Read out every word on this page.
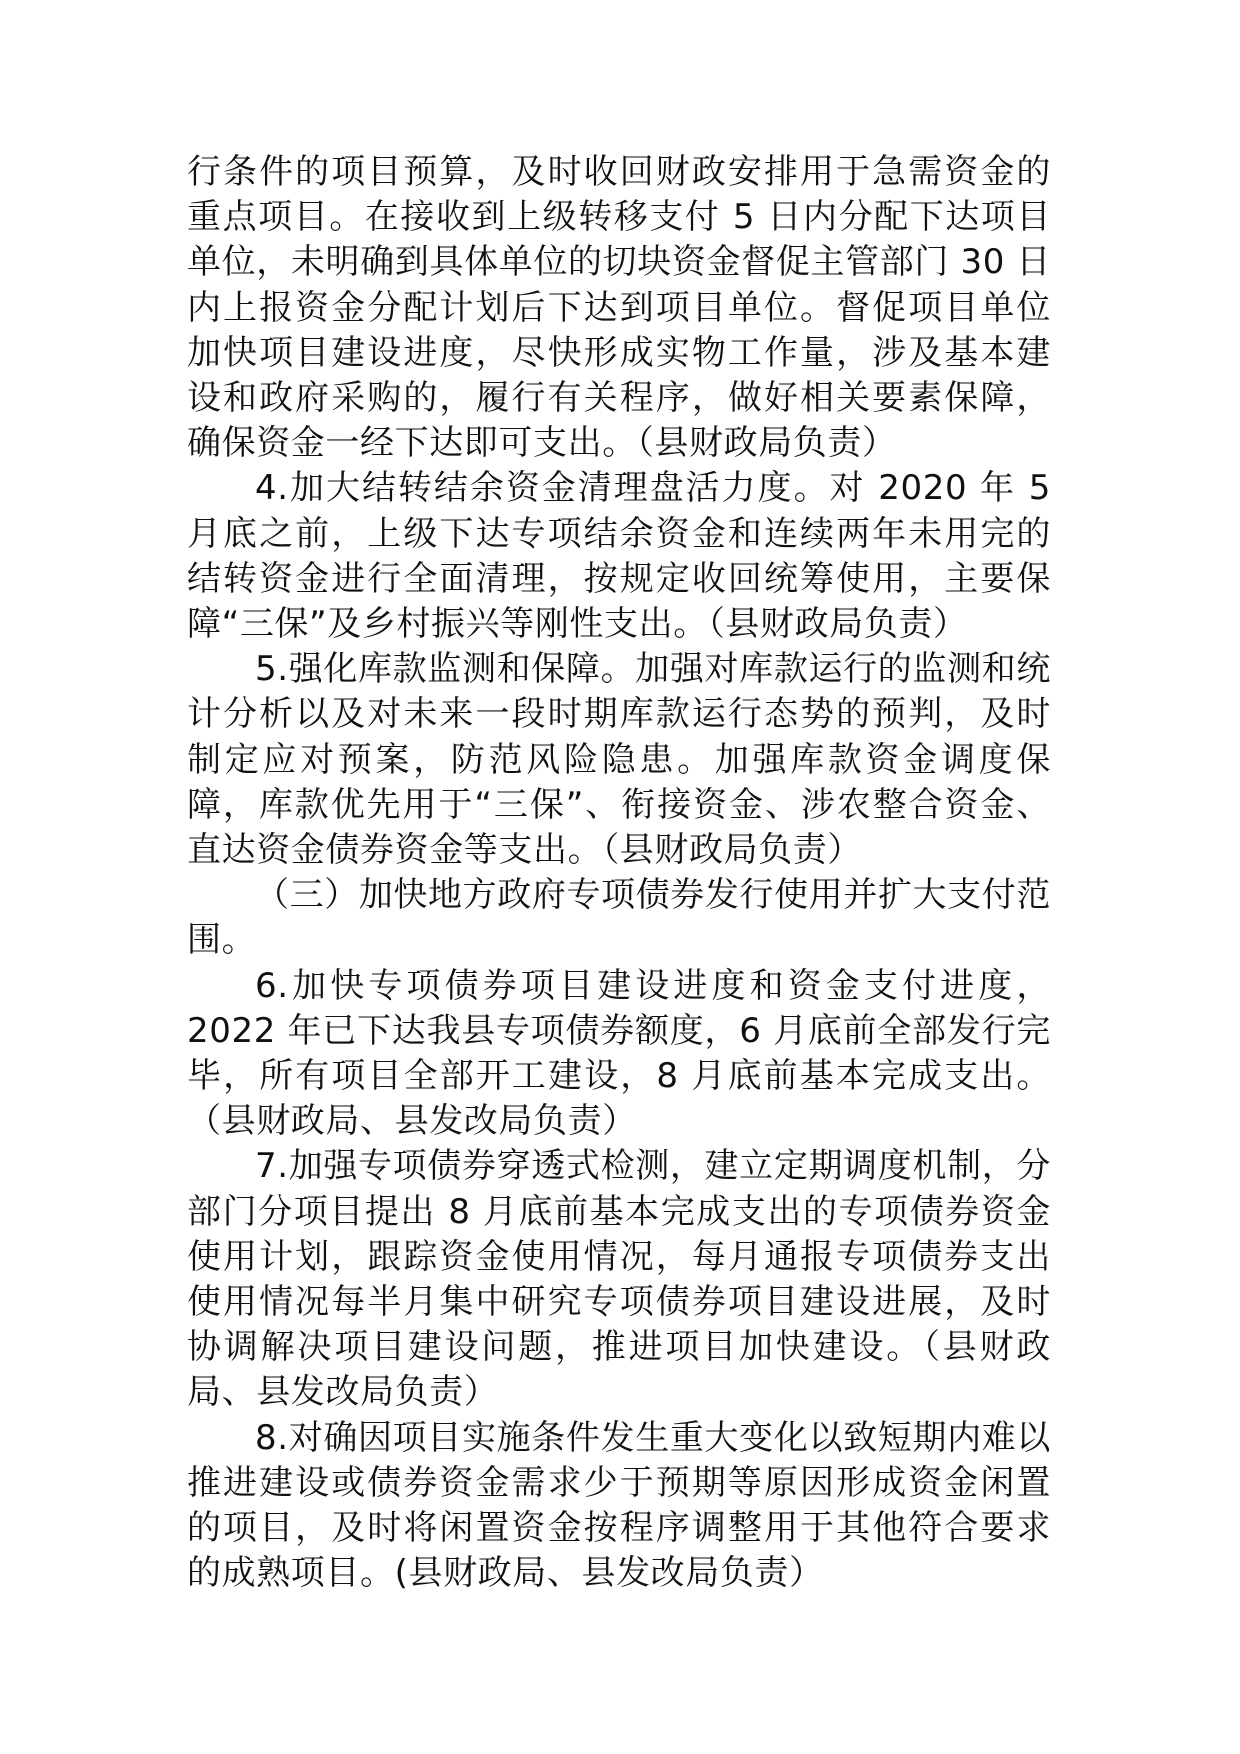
行条件的项目预算，及时收回财政安排用于急需资金的重点项目。在接收到上级转移支付 5 日内分配下达项目单位，未明确到具体单位的切块资金督促主管部门 30 日内上报资金分配计划后下达到项目单位。督促项目单位加快项目建设进度，尽快形成实物工作量，涉及基本建设和政府采购的，履行有关程序，做好相关要素保障，确保资金一经下达即可支出。（县财政局负责）

4.加大结转结余资金清理盘活力度。对 2020 年 5 月底之前，上级下达专项结余资金和连续两年未用完的结转资金进行全面清理，按规定收回统筹使用，主要保障“三保”及乡村振兴等刚性支出。（县财政局负责）

5.强化库款监测和保障。加强对库款运行的监测和统计分析以及对未来一段时期库款运行态势的预判，及时制定应对预案，防范风险隐患。加强库款资金调度保障，库款优先用于“三保”、衔接资金、涉农整合资金、直达资金债券资金等支出。（县财政局负责）

（三）加快地方政府专项债券发行使用并扩大支付范围。

6.加快专项债券项目建设进度和资金支付进度，2022 年已下达我县专项债券额度，6 月底前全部发行完毕，所有项目全部开工建设，8 月底前基本完成支出。（县财政局、县发改局负责）

7.加强专项债券穿透式检测，建立定期调度机制，分部门分项目提出 8 月底前基本完成支出的专项债券资金使用计划，跟踪资金使用情况，每月通报专项债券支出使用情况每半月集中研究专项债券项目建设进展，及时协调解决项目建设问题，推进项目加快建设。（县财政局、县发改局负责）

8.对确因项目实施条件发生重大变化以致短期内难以推进建设或债券资金需求少于预期等原因形成资金闲置的项目，及时将闲置资金按程序调整用于其他符合要求的成熟项目。(县财政局、县发改局负责）
